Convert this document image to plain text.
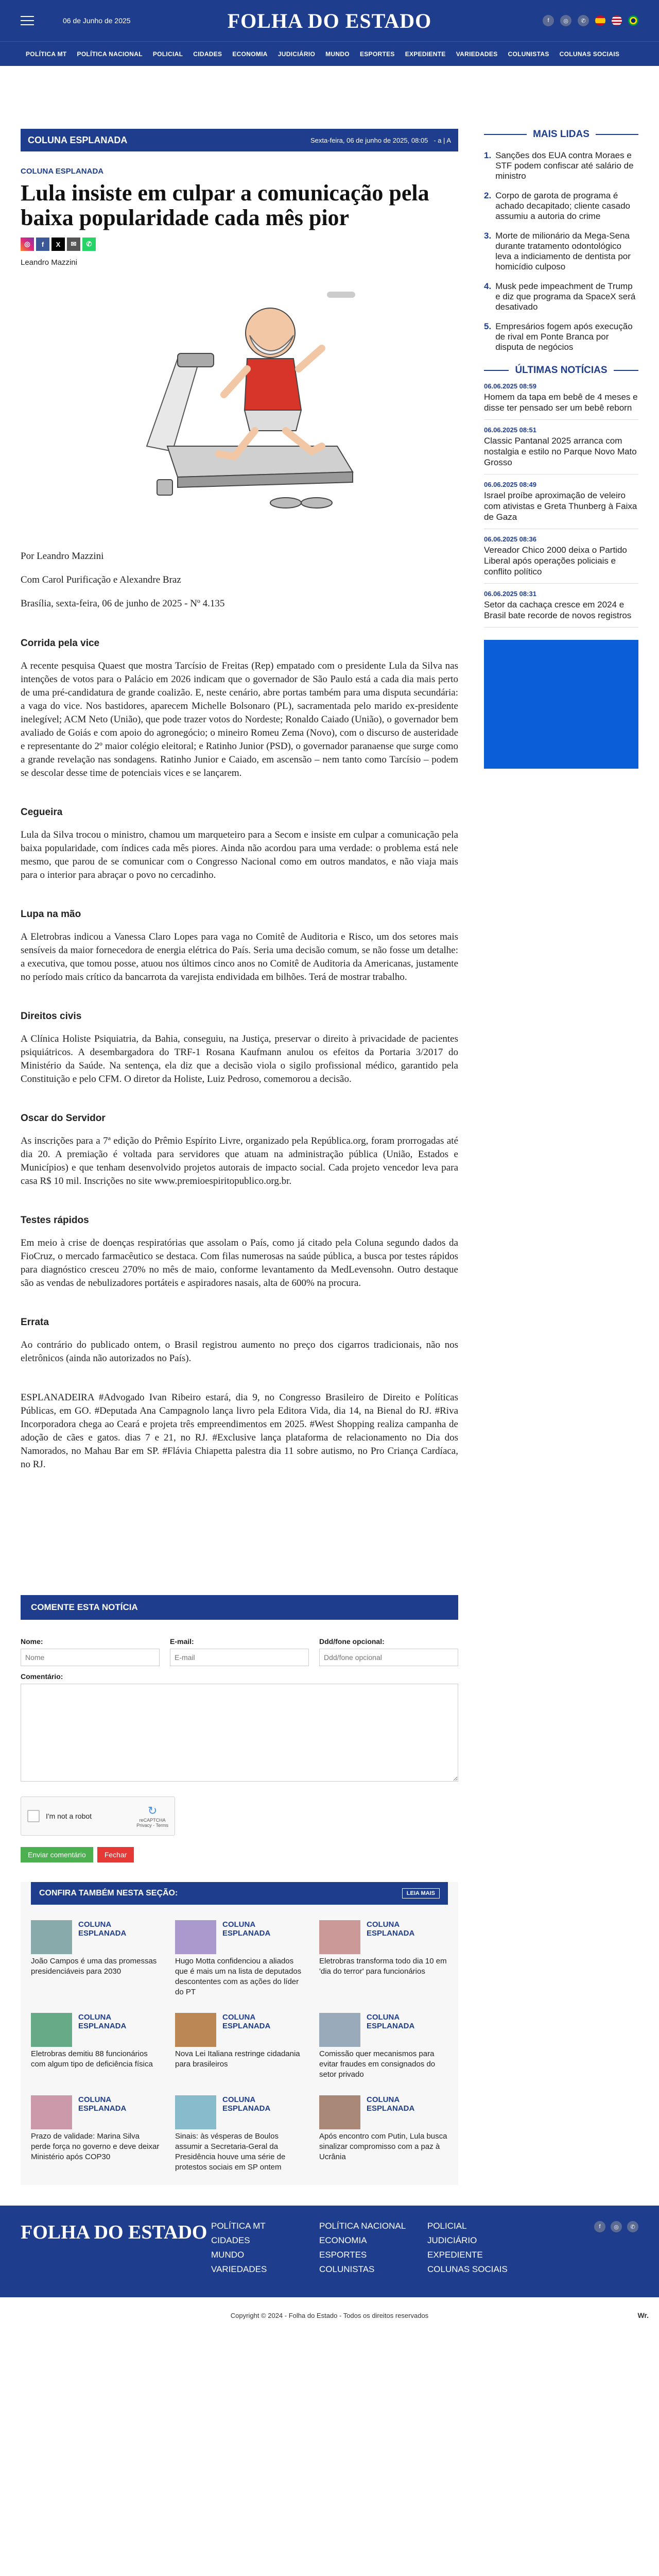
06 de Junho de 2025	FOLHA DO ESTADO	f	◎	✆
POLÍTICA MT POLÍTICA NACIONAL POLICIAL CIDADES ECONOMIA JUDICIÁRIO MUNDO ESPORTES EXPEDIENTE VARIEDADES COLUNISTAS COLUNAS SOCIAIS
COLUNA ESPLANADA	Sexta-feira, 06 de junho de 2025, 08:05 - a | A
COLUNA ESPLANADA
Lula insiste em culpar a comunicação pela baixa popularidade cada mês pior
◎	f	X	✉	✆
Leandro Mazzini
Por Leandro Mazzini
Com Carol Purificação e Alexandre Braz
Brasília, sexta-feira, 06 de junho de 2025 - Nº 4.135
Corrida pela vice

A recente pesquisa Quaest que mostra Tarcísio de Freitas (Rep) empatado com o presidente Lula da Silva nas intenções de votos para o Palácio em 2026 indicam que o governador de São Paulo está a cada dia mais perto de uma pré-candidatura de grande coalizão. E, neste cenário, abre portas também para uma disputa secundária: a vaga do vice. Nos bastidores, aparecem Michelle Bolsonaro (PL), sacramentada pelo marido ex-presidente inelegível; ACM Neto (União), que pode trazer votos do Nordeste; Ronaldo Caiado (União), o governador bem avaliado de Goiás e com apoio do agronegócio; o mineiro Romeu Zema (Novo), com o discurso de austeridade e representante do 2º maior colégio eleitoral; e Ratinho Junior (PSD), o governador paranaense que surge como a grande revelação nas sondagens. Ratinho Junior e Caiado, em ascensão – nem tanto como Tarcísio – podem se descolar desse time de potenciais vices e se lançarem.

Cegueira

Lula da Silva trocou o ministro, chamou um marqueteiro para a Secom e insiste em culpar a comunicação pela baixa popularidade, com índices cada mês piores. Ainda não acordou para uma verdade: o problema está nele mesmo, que parou de se comunicar com o Congresso Nacional como em outros mandatos, e não viaja mais para o interior para abraçar o povo no cercadinho.

Lupa na mão

A Eletrobras indicou a Vanessa Claro Lopes para vaga no Comitê de Auditoria e Risco, um dos setores mais sensíveis da maior fornecedora de energia elétrica do País. Seria uma decisão comum, se não fosse um detalhe: a executiva, que tomou posse, atuou nos últimos cinco anos no Comitê de Auditoria da Americanas, justamente no período mais crítico da bancarrota da varejista endividada em bilhões. Terá de mostrar trabalho.

Direitos civis

A Clínica Holiste Psiquiatria, da Bahia, conseguiu, na Justiça, preservar o direito à privacidade de pacientes psiquiátricos. A desembargadora do TRF-1 Rosana Kaufmann anulou os efeitos da Portaria 3/2017 do Ministério da Saúde. Na sentença, ela diz que a decisão viola o sigilo profissional médico, garantido pela Constituição e pelo CFM. O diretor da Holiste, Luiz Pedroso, comemorou a decisão.

Oscar do Servidor

As inscrições para a 7ª edição do Prêmio Espírito Livre, organizado pela República.org, foram prorrogadas até dia 20. A premiação é voltada para servidores que atuam na administração pública (União, Estados e Municípios) e que tenham desenvolvido projetos autorais de impacto social. Cada projeto vencedor leva para casa R$ 10 mil. Inscrições no site www.premioespiritopublico.org.br.

Testes rápidos

Em meio à crise de doenças respiratórias que assolam o País, como já citado pela Coluna segundo dados da FioCruz, o mercado farmacêutico se destaca. Com filas numerosas na saúde pública, a busca por testes rápidos para diagnóstico cresceu 270% no mês de maio, conforme levantamento da MedLevensohn. Outro destaque são as vendas de nebulizadores portáteis e aspiradores nasais, alta de 600% na procura.

Errata

Ao contrário do publicado ontem, o Brasil registrou aumento no preço dos cigarros tradicionais, não nos eletrônicos (ainda não autorizados no País).

ESPLANADEIRA #Advogado Ivan Ribeiro estará, dia 9, no Congresso Brasileiro de Direito e Políticas Públicas, em GO. #Deputada Ana Campagnolo lança livro pela Editora Vida, dia 14, na Bienal do RJ. #Riva Incorporadora chega ao Ceará e projeta três empreendimentos em 2025. #West Shopping realiza campanha de adoção de cães e gatos. dias 7 e 21, no RJ. #Exclusive lança plataforma de relacionamento no Dia dos Namorados, no Mahau Bar em SP. #Flávia Chiapetta palestra dia 11 sobre autismo, no Pro Criança Cardíaca, no RJ.

COMENTE ESTA NOTÍCIA
Nome:
Nome	E-mail:
E-mail	Ddd/fone opcional:
Ddd/fone opcional
Comentário:
I'm not a robot	↻
reCAPTCHA
Privacy - Terms
Enviar comentário	Fechar
CONFIRA TAMBÉM NESTA SEÇÃO:	LEIA MAIS
COLUNA ESPLANADA
João Campos é uma das promessas presidenciáveis para 2030
COLUNA ESPLANADA
Hugo Motta confidenciou a aliados que é mais um na lista de deputados descontentes com as ações do líder do PT
COLUNA ESPLANADA
Eletrobras transforma todo dia 10 em 'dia do terror' para funcionários
COLUNA ESPLANADA
Eletrobras demitiu 88 funcionários com algum tipo de deficiência física
COLUNA ESPLANADA
Nova Lei Italiana restringe cidadania para brasileiros
COLUNA ESPLANADA
Comissão quer mecanismos para evitar fraudes em consignados do setor privado
COLUNA ESPLANADA
Prazo de validade: Marina Silva perde força no governo e deve deixar Ministério após COP30
COLUNA ESPLANADA
Sinais: às vésperas de Boulos assumir a Secretaria-Geral da Presidência houve uma série de protestos sociais em SP ontem
COLUNA ESPLANADA
Após encontro com Putin, Lula busca sinalizar compromisso com a paz à Ucrânia
MAIS LIDAS
1. Sanções dos EUA contra Moraes e STF podem confiscar até salário de ministro
2. Corpo de garota de programa é achado decapitado; cliente casado assumiu a autoria do crime
3. Morte de milionário da Mega-Sena durante tratamento odontológico leva a indiciamento de dentista por homicídio culposo
4. Musk pede impeachment de Trump e diz que programa da SpaceX será desativado
5. Empresários fogem após execução de rival em Ponte Branca por disputa de negócios
ÚLTIMAS NOTÍCIAS
06.06.2025 08:59
Homem da tapa em bebê de 4 meses e disse ter pensado ser um bebê reborn
06.06.2025 08:51
Classic Pantanal 2025 arranca com nostalgia e estilo no Parque Novo Mato Grosso
06.06.2025 08:49
Israel proíbe aproximação de veleiro com ativistas e Greta Thunberg à Faixa de Gaza
06.06.2025 08:36
Vereador Chico 2000 deixa o Partido Liberal após operações policiais e conflito político
06.06.2025 08:31
Setor da cachaça cresce em 2024 e Brasil bate recorde de novos registros
FOLHA DO ESTADO POLÍTICA MT
CIDADES
MUNDO
VARIEDADES
POLÍTICA NACIONAL
ECONOMIA
ESPORTES
COLUNISTAS
POLICIAL
JUDICIÁRIO
EXPEDIENTE
COLUNAS SOCIAIS
f	◎	✆
Copyright © 2024 - Folha do Estado - Todos os direitos reservados	Wr.
